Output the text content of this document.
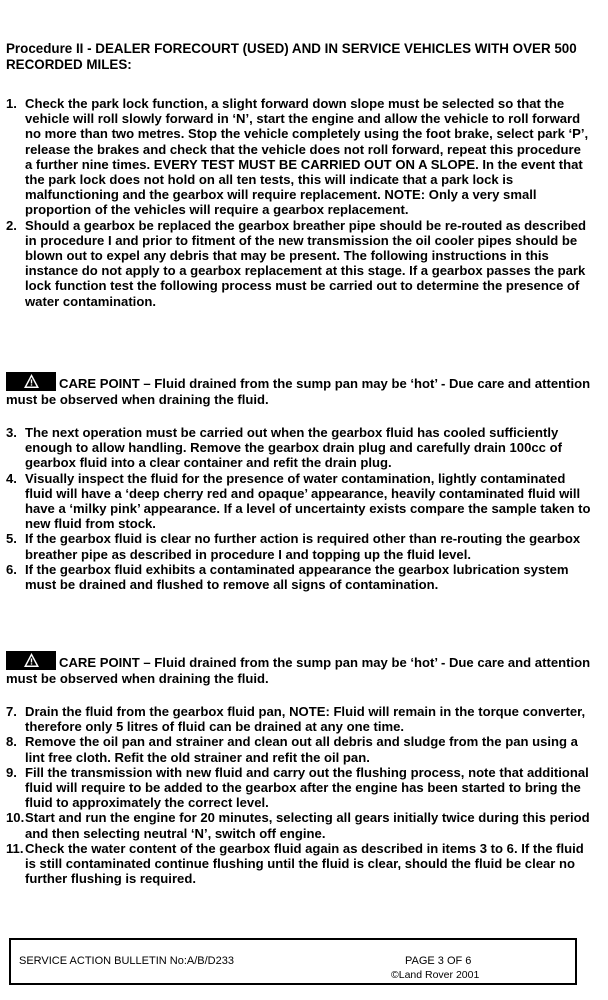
Procedure II - DEALER FORECOURT (USED) AND IN SERVICE VEHICLES WITH OVER 500 RECORDED MILES:
1. Check the park lock function, a slight forward down slope must be selected so that the vehicle will roll slowly forward in ‘N’, start the engine and allow the vehicle to roll forward no more than two metres. Stop the vehicle completely using the foot brake, select park ‘P’, release the brakes and check that the vehicle does not roll forward, repeat this procedure a further nine times. EVERY TEST MUST BE CARRIED OUT ON A SLOPE. In the event that the park lock does not hold on all ten tests, this will indicate that a park lock is malfunctioning and the gearbox will require replacement. NOTE: Only a very small proportion of the vehicles will require a gearbox replacement.
2. Should a gearbox be replaced the gearbox breather pipe should be re-routed as described in procedure I and prior to fitment of the new transmission the oil cooler pipes should be blown out to expel any debris that may be present. The following instructions in this instance do not apply to a gearbox replacement at this stage. If a gearbox passes the park lock function test the following process must be carried out to determine the presence of water contamination.
CARE POINT – Fluid drained from the sump pan may be ‘hot’ - Due care and attention must be observed when draining the fluid.
3. The next operation must be carried out when the gearbox fluid has cooled sufficiently enough to allow handling. Remove the gearbox drain plug and carefully drain 100cc of gearbox fluid into a clear container and refit the drain plug.
4. Visually inspect the fluid for the presence of water contamination, lightly contaminated fluid will have a ‘deep cherry red and opaque’ appearance, heavily contaminated fluid will have a ‘milky pink’ appearance. If a level of uncertainty exists compare the sample taken to new fluid from stock.
5. If the gearbox fluid is clear no further action is required other than re-routing the gearbox breather pipe as described in procedure I and topping up the fluid level.
6. If the gearbox fluid exhibits a contaminated appearance the gearbox lubrication system must be drained and flushed to remove all signs of contamination.
CARE POINT – Fluid drained from the sump pan may be ‘hot’ - Due care and attention must be observed when draining the fluid.
7. Drain the fluid from the gearbox fluid pan, NOTE: Fluid will remain in the torque converter, therefore only 5 litres of fluid can be drained at any one time.
8. Remove the oil pan and strainer and clean out all debris and sludge from the pan using a lint free cloth. Refit the old strainer and refit the oil pan.
9. Fill the transmission with new fluid and carry out the flushing process, note that additional fluid will require to be added to the gearbox after the engine has been started to bring the fluid to approximately the correct level.
10. Start and run the engine for 20 minutes, selecting all gears initially twice during this period and then selecting neutral ‘N’, switch off engine.
11. Check the water content of the gearbox fluid again as described in items 3 to 6. If the fluid is still contaminated continue flushing until the fluid is clear, should the fluid be clear no further flushing is required.
SERVICE ACTION BULLETIN No:A/B/D233	PAGE 3 OF 6
©Land Rover 2001
